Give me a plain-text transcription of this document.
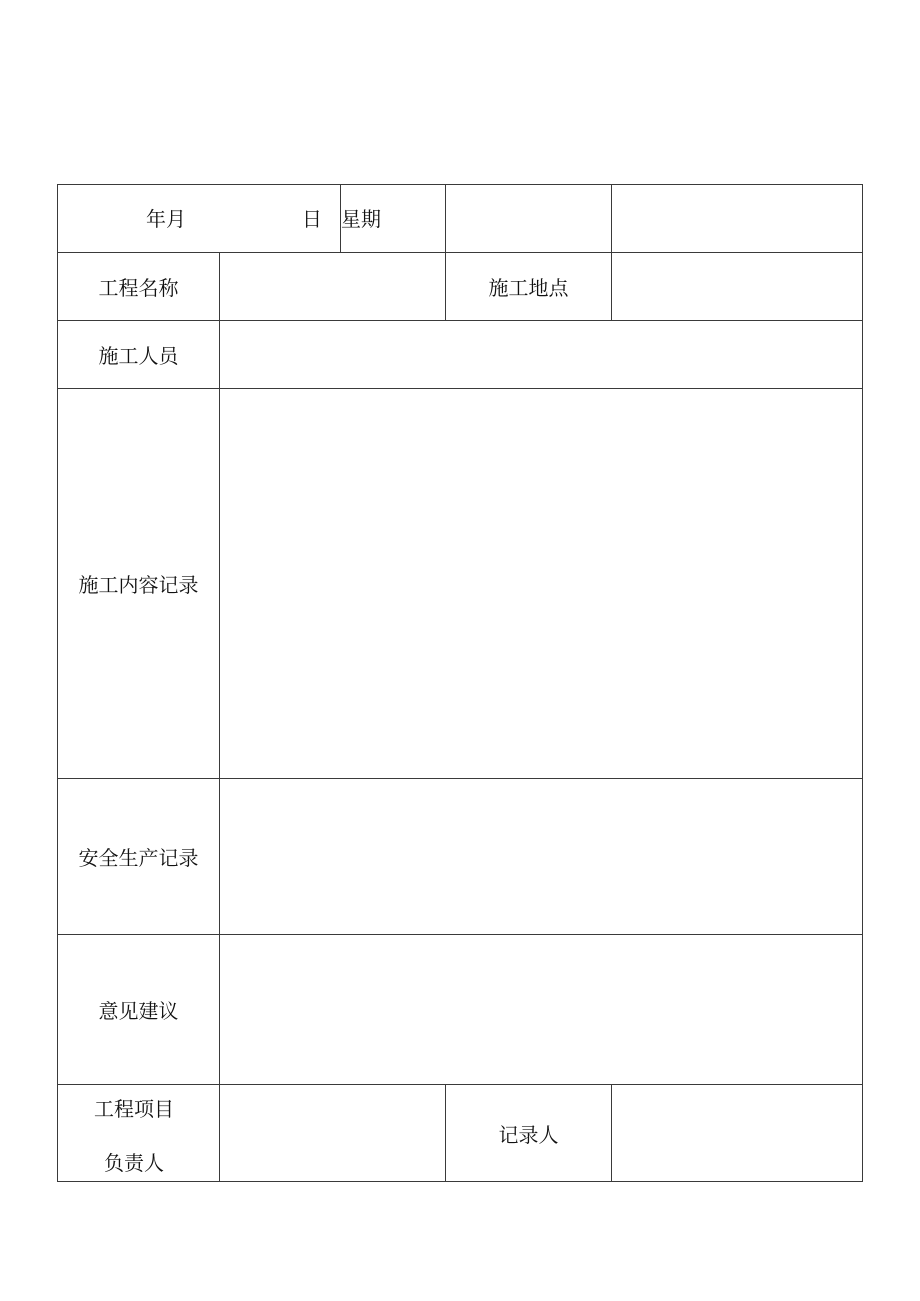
年月	日 星期
工程名称	施工地点
施工人员
施工内容记录
安全生产记录
意见建议
工程项目
负责人
记录人
